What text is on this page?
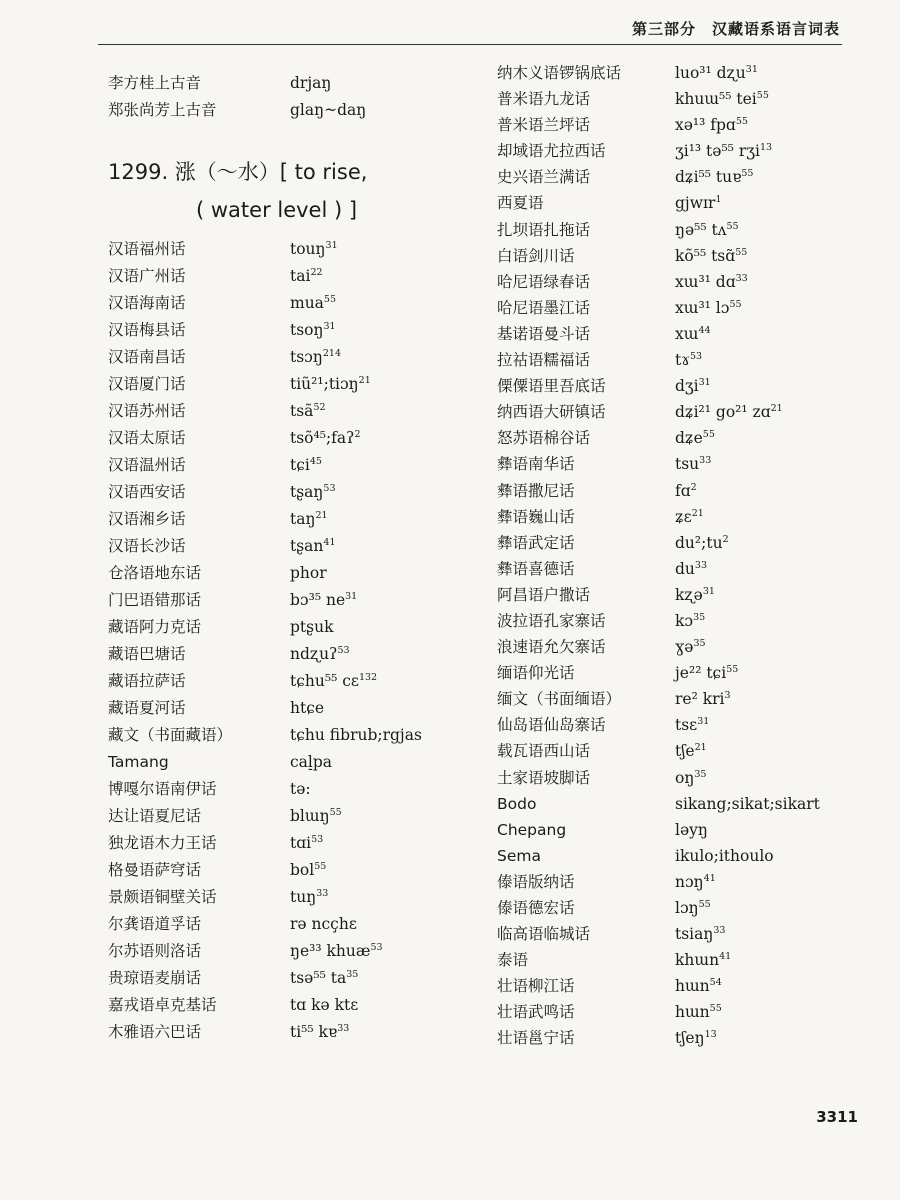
第三部分　汉藏语系语言词表
李方桂上古音	drjaŋ
郑张尚芳上古音	glaŋ~daŋ
1299. 涨（～水）[ to rise,
( water level ) ]
汉语福州话	touŋ$^{31}$
汉语广州话	tai$^{22}$
汉语海南话	mua$^{55}$
汉语梅县话	tsoŋ$^{31}$
汉语南昌话	tsɔŋ$^{214}$
汉语厦门话	tiũ²¹;tiɔŋ$^{21}$
汉语苏州话	tsã$^{52}$
汉语太原话	tsõ⁴⁵;faʔ$^2$
汉语温州话	tɕi$^{45}$
汉语西安话	tʂaŋ$^{53}$
汉语湘乡话	taŋ$^{21}$
汉语长沙话	tʂan$^{41}$
仓洛语地东话	phor
门巴语错那话	bɔ³⁵ $ne^{31}$
藏语阿力克话	ptʂuk
藏语巴塘话	ndʐuʔ$^{53}$
藏语拉萨话	tɕhu⁵⁵ cɛ$^{132}$
藏语夏河话	htɕe
藏文（书面藏语）	tɕhu fibrub;rgjas
Tamang	cal̠pa
博嘎尔语南伊话	tə:
达让语夏尼话	blɯŋ$^{55}$
独龙语木力王话	tɑi$^{53}$
格曼语萨穹话	bol$^{55}$
景颇语铜壁关话	tuŋ$^{33}$
尔龚语道孚话	rə ncçhɛ
尔苏语则洛话	ŋe³³ khuæ$^{53}$
贵琼语麦崩话	tsə⁵⁵ $ta^{35}$
嘉戎语卓克基话	tɑ kə ktɛ
木雅语六巴话	ti⁵⁵ kɐ$^{33}$
纳木义语锣锅底话	luo³¹ dʐu$^{31}$
普米语九龙话	khuɯ⁵⁵ tei$^{55}$
普米语兰坪话	xə¹³ fpɑ$^{55}$
却域语尤拉西话	ʒi¹³ tə⁵⁵ rʒi$^{13}$
史兴语兰满话	dʑi⁵⁵ tuɐ$^{55}$
西夏语	gjwɪr$^1$
扎坝语扎拖话	ŋə⁵⁵ tʌ$^{55}$
白语剑川话	kõ⁵⁵ tsɑ̃$^{55}$
哈尼语绿春话	xɯ³¹ dɑ$^{33}$
哈尼语墨江话	xɯ³¹ lɔ$^{55}$
基诺语曼斗话	xɯ$^{44}$
拉祜语糯福话	tɤ$^{53}$
傈僳语里吾底话	dʒi$^{31}$
纳西语大研镇话	dʑi²¹ go²¹ zɑ$^{21}$
怒苏语棉谷话	dʑe$^{55}$
彝语南华话	tsu$^{33}$
彝语撒尼话	fɑ$^2$
彝语巍山话	ʑɛ$^{21}$
彝语武定话	$du^2;tu^2$
彝语喜德话	$du^{33}$
阿昌语户撒话	kʐə$^{31}$
波拉语孔家寨话	kɔ$^{35}$
浪速语允欠寨话	ɣə$^{35}$
缅语仰光话	je²² tɕi$^{55}$
缅文（书面缅语）	re² kri$^3$
仙岛语仙岛寨话	tsɛ$^{31}$
载瓦语西山话	tʃe$^{21}$
土家语坡脚话	$oŋ^{35}$
Bodo	sikang;sikat;sikart
Chepang	ləyŋ
Sema	ikulo;ithoulo
傣语版纳话	nɔŋ$^{41}$
傣语德宏话	lɔŋ$^{55}$
临高语临城话	tsiaŋ$^{33}$
泰语	khɯn$^{41}$
壮语柳江话	hɯn$^{54}$
壮语武鸣话	hɯn$^{55}$
壮语邕宁话	tʃeŋ$^{13}$
3311
